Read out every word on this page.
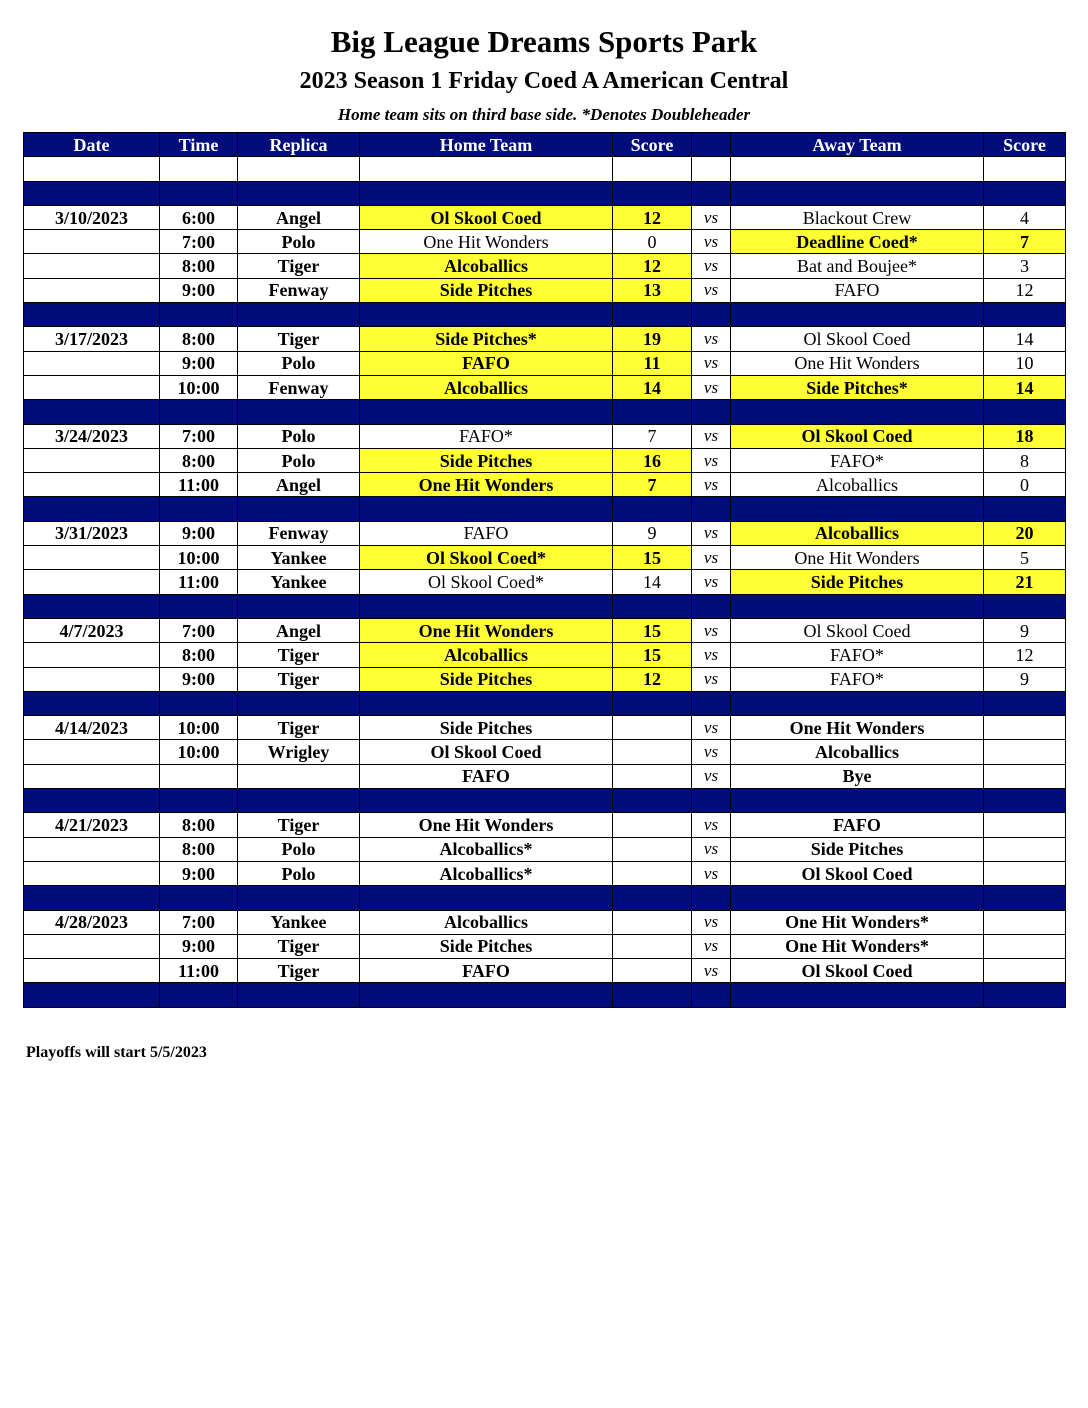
Big League Dreams Sports Park
2023 Season 1 Friday Coed A American Central
Home team sits on third base side. *Denotes Doubleheader
Date	Time	Replica	Home Team	Score		Away Team	Score

3/10/2023	6:00	Angel	Ol Skool Coed	12	vs	Blackout Crew	4
	7:00	Polo	One Hit Wonders	0	vs	Deadline Coed*	7
	8:00	Tiger	Alcoballics	12	vs	Bat and Boujee*	3
	9:00	Fenway	Side Pitches	13	vs	FAFO	12

3/17/2023	8:00	Tiger	Side Pitches*	19	vs	Ol Skool Coed	14
	9:00	Polo	FAFO	11	vs	One Hit Wonders	10
	10:00	Fenway	Alcoballics	14	vs	Side Pitches*	14

3/24/2023	7:00	Polo	FAFO*	7	vs	Ol Skool Coed	18
	8:00	Polo	Side Pitches	16	vs	FAFO*	8
	11:00	Angel	One Hit Wonders	7	vs	Alcoballics	0

3/31/2023	9:00	Fenway	FAFO	9	vs	Alcoballics	20
	10:00	Yankee	Ol Skool Coed*	15	vs	One Hit Wonders	5
	11:00	Yankee	Ol Skool Coed*	14	vs	Side Pitches	21

4/7/2023	7:00	Angel	One Hit Wonders	15	vs	Ol Skool Coed	9
	8:00	Tiger	Alcoballics	15	vs	FAFO*	12
	9:00	Tiger	Side Pitches	12	vs	FAFO*	9

4/14/2023	10:00	Tiger	Side Pitches		vs	One Hit Wonders	
	10:00	Wrigley	Ol Skool Coed		vs	Alcoballics	
			FAFO		vs	Bye	

4/21/2023	8:00	Tiger	One Hit Wonders		vs	FAFO	
	8:00	Polo	Alcoballics*		vs	Side Pitches	
	9:00	Polo	Alcoballics*		vs	Ol Skool Coed	

4/28/2023	7:00	Yankee	Alcoballics		vs	One Hit Wonders*	
	9:00	Tiger	Side Pitches		vs	One Hit Wonders*	
	11:00	Tiger	FAFO		vs	Ol Skool Coed	

Playoffs will start 5/5/2023
